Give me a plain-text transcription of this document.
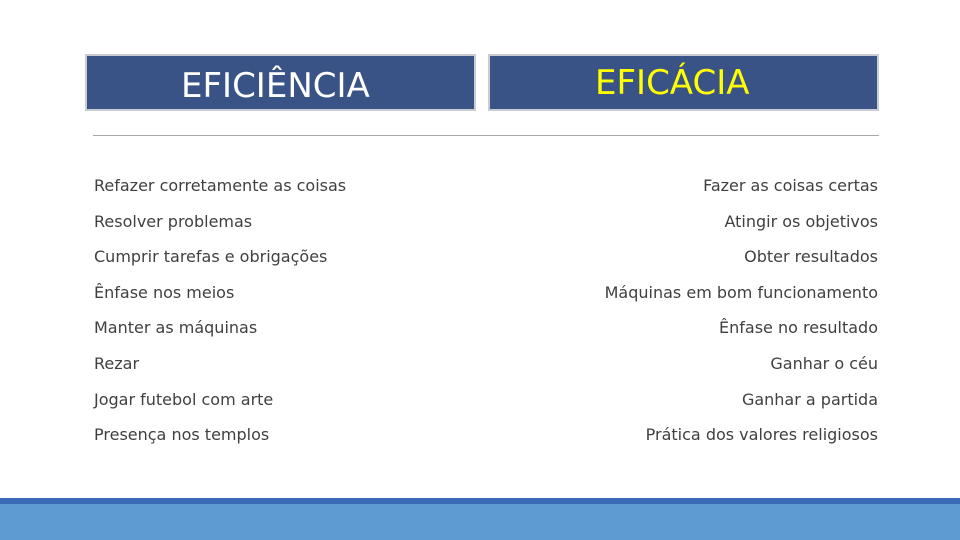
EFICIÊNCIA	EFICÁCIA
Refazer corretamente as coisas
Resolver problemas
Cumprir tarefas e obrigações
Ênfase nos meios
Manter as máquinas
Rezar
Jogar futebol com arte
Presença nos templos
Fazer as coisas certas
Atingir os objetivos
Obter resultados
Máquinas em bom funcionamento
Ênfase no resultado
Ganhar o céu
Ganhar a partida
Prática dos valores religiosos
